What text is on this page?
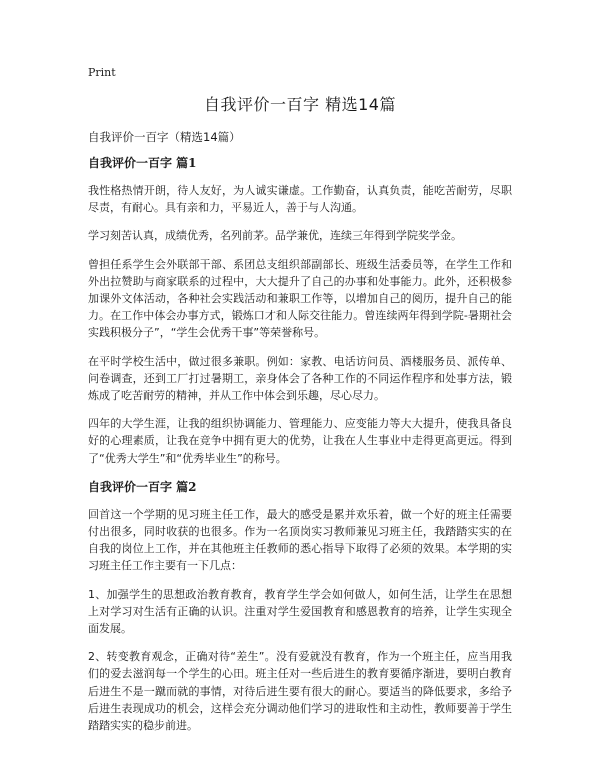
Print
自我评价一百字 精选14篇
自我评价一百字（精选14篇）
自我评价一百字 篇1

我性格热情开朗，待人友好，为人诚实谦虚。工作勤奋，认真负责，能吃苦耐劳，尽职尽责，有耐心。具有亲和力，平易近人，善于与人沟通。

学习刻苦认真，成绩优秀，名列前茅。品学兼优，连续三年得到学院奖学金。

曾担任系学生会外联部干部、系团总支组织部副部长、班级生活委员等，在学生工作和外出拉赞助与商家联系的过程中，大大提升了自己的办事和处事能力。此外，还积极参加课外文体活动，各种社会实践活动和兼职工作等，以增加自己的阅历，提升自己的能力。在工作中体会办事方式，锻炼口才和人际交往能力。曾连续两年得到学院-暑期社会实践积极分子”，“学生会优秀干事”等荣誉称号。

在平时学校生活中，做过很多兼职。例如：家教、电话访问员、酒楼服务员、派传单、问卷调查，还到工厂打过暑期工，亲身体会了各种工作的不同运作程序和处事方法，锻炼成了吃苦耐劳的精神，并从工作中体会到乐趣，尽心尽力。

四年的大学生涯，让我的组织协调能力、管理能力、应变能力等大大提升，使我具备良好的心理素质，让我在竞争中拥有更大的优势，让我在人生事业中走得更高更远。得到了“优秀大学生”和“优秀毕业生”的称号。

自我评价一百字 篇2

回首这一个学期的见习班主任工作，最大的感受是累并欢乐着，做一个好的班主任需要付出很多，同时收获的也很多。作为一名顶岗实习教师兼见习班主任，我踏踏实实的在自我的岗位上工作，并在其他班主任教师的悉心指导下取得了必须的效果。本学期的实习班主任工作主要有一下几点：

1、加强学生的思想政治教育教育，教育学生学会如何做人，如何生活，让学生在思想上对学习对生活有正确的认识。注重对学生爱国教育和感恩教育的培养，让学生实现全面发展。

2、转变教育观念，正确对待“差生”。没有爱就没有教育，作为一个班主任，应当用我们的爱去滋润每一个学生的心田。班主任对一些后进生的教育要循序渐进，要明白教育后进生不是一蹴而就的事情，对待后进生要有很大的耐心。要适当的降低要求，多给予后进生表现成功的机会，这样会充分调动他们学习的进取性和主动性，教师要善于学生踏踏实实的稳步前进。
